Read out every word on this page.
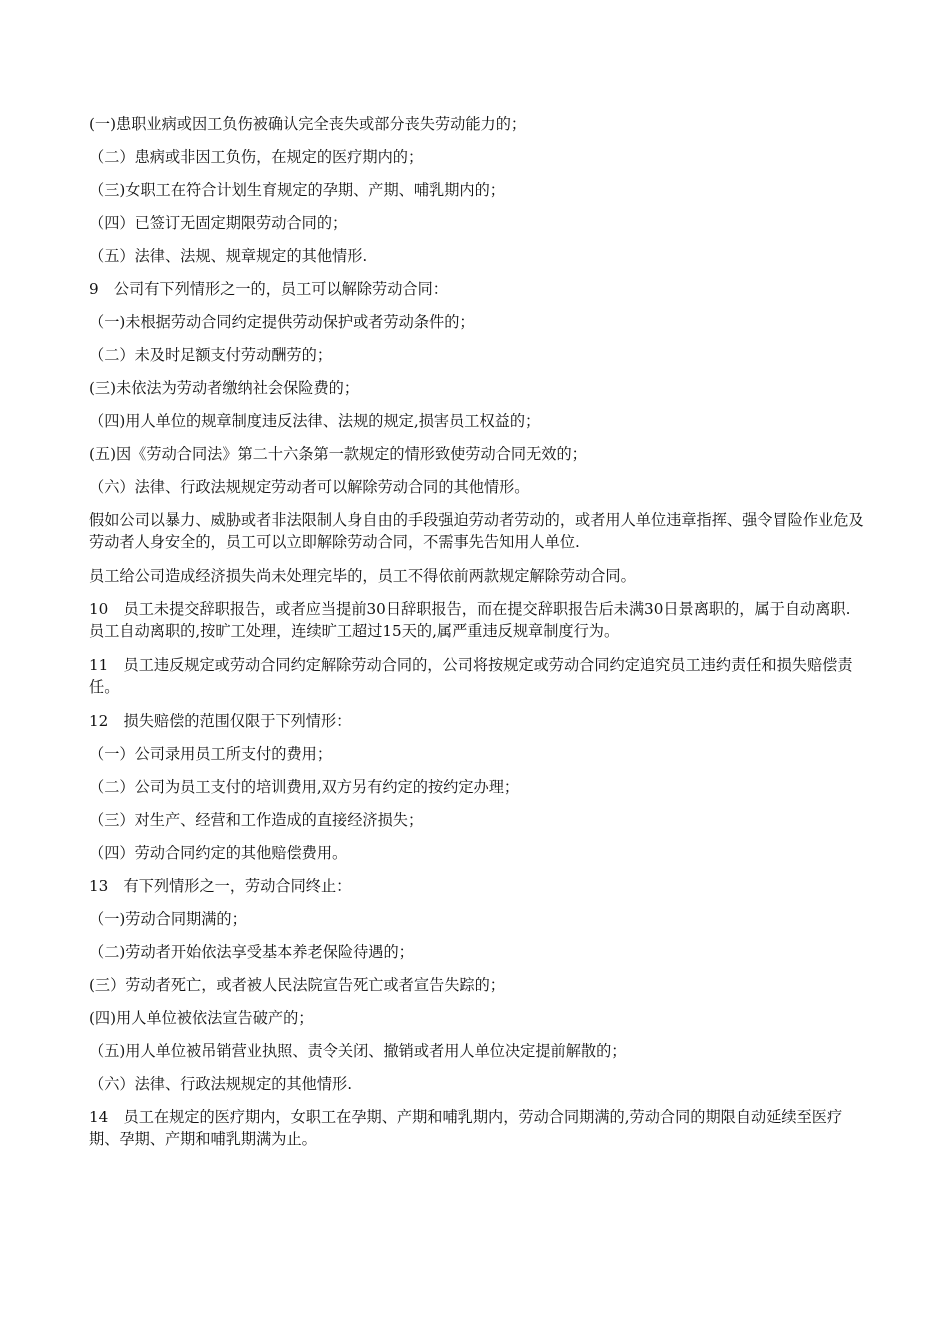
(一)患职业病或因工负伤被确认完全丧失或部分丧失劳动能力的；

（二）患病或非因工负伤，在规定的医疗期内的；

（三)女职工在符合计划生育规定的孕期、产期、哺乳期内的；

（四）已签订无固定期限劳动合同的；

（五）法律、法规、规章规定的其他情形.

9　公司有下列情形之一的，员工可以解除劳动合同：

（一)未根据劳动合同约定提供劳动保护或者劳动条件的；

（二）未及时足额支付劳动酬劳的；

(三)未依法为劳动者缴纳社会保险费的；

（四)用人单位的规章制度违反法律、法规的规定,损害员工权益的；

(五)因《劳动合同法》第二十六条第一款规定的情形致使劳动合同无效的；

（六）法律、行政法规规定劳动者可以解除劳动合同的其他情形。

假如公司以暴力、威胁或者非法限制人身自由的手段强迫劳动者劳动的，或者用人单位违章指挥、强令冒险作业危及劳动者人身安全的，员工可以立即解除劳动合同，不需事先告知用人单位.

员工给公司造成经济损失尚未处理完毕的，员工不得依前两款规定解除劳动合同。

10　员工未提交辞职报告，或者应当提前30日辞职报告，而在提交辞职报告后未满30日景离职的，属于自动离职.员工自动离职的,按旷工处理，连续旷工超过15天的,属严重违反规章制度行为。

11　员工违反规定或劳动合同约定解除劳动合同的，公司将按规定或劳动合同约定追究员工违约责任和损失赔偿责任。

12　损失赔偿的范围仅限于下列情形：

（一）公司录用员工所支付的费用；

（二）公司为员工支付的培训费用,双方另有约定的按约定办理；

（三）对生产、经营和工作造成的直接经济损失；

（四）劳动合同约定的其他赔偿费用。

13　有下列情形之一，劳动合同终止：

（一)劳动合同期满的；

（二)劳动者开始依法享受基本养老保险待遇的；

(三）劳动者死亡，或者被人民法院宣告死亡或者宣告失踪的；

(四)用人单位被依法宣告破产的；

（五)用人单位被吊销营业执照、责令关闭、撤销或者用人单位决定提前解散的；

（六）法律、行政法规规定的其他情形.

14　员工在规定的医疗期内，女职工在孕期、产期和哺乳期内，劳动合同期满的,劳动合同的期限自动延续至医疗期、孕期、产期和哺乳期满为止。
